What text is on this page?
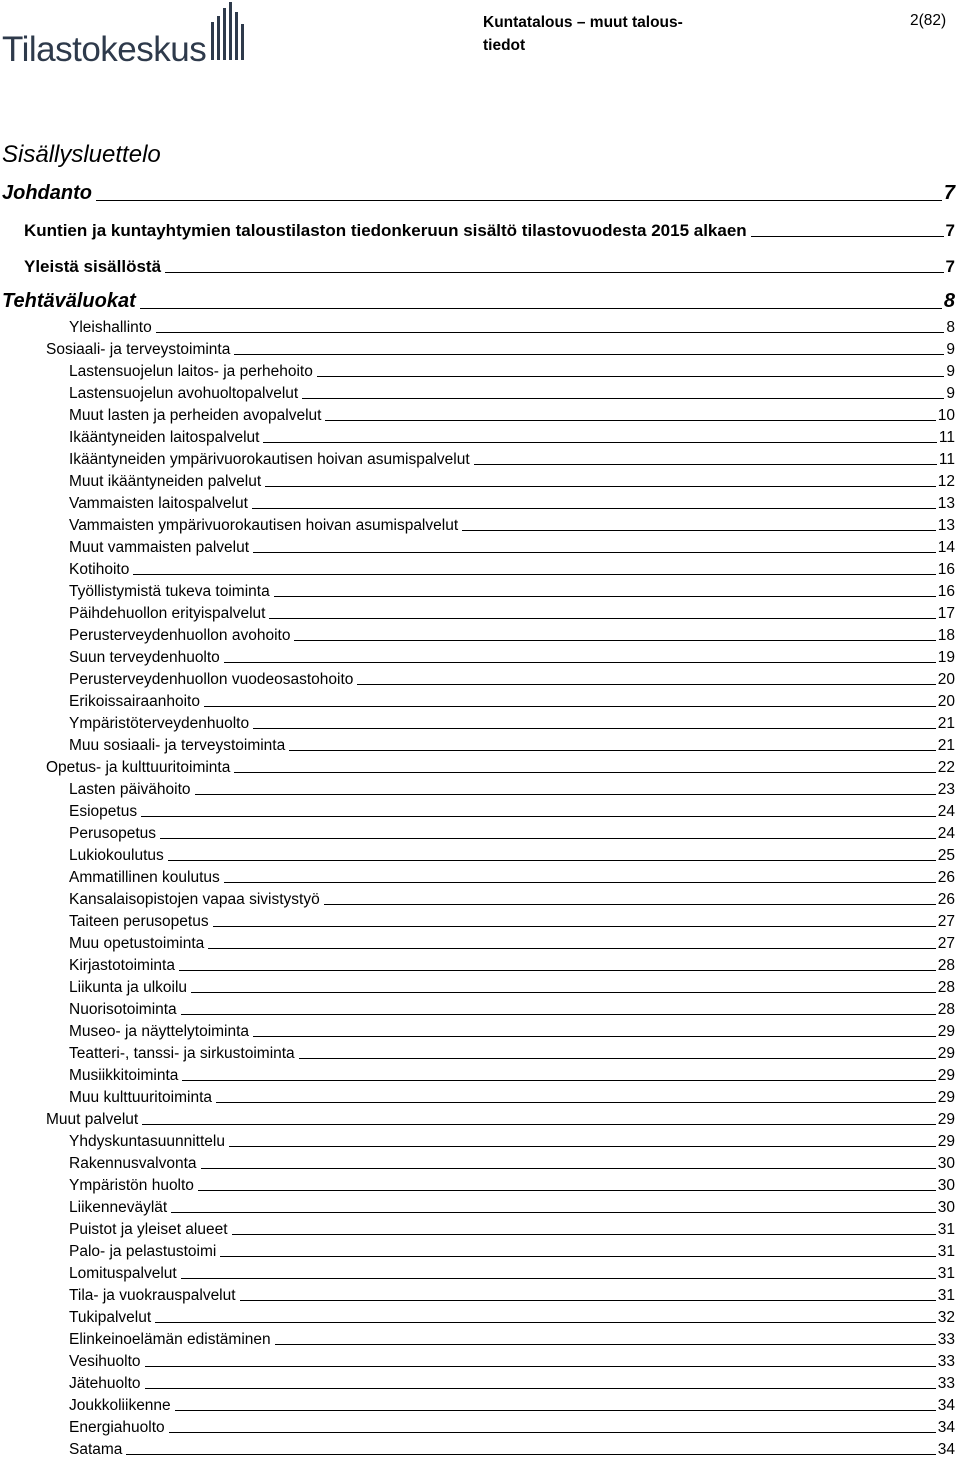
Tilastokeskus
Kuntatalous – muut talous-tiedot
2(82)
Sisällysluettelo
Johdanto	7
Kuntien ja kuntayhtymien taloustilaston tiedonkeruun sisältö tilastovuodesta 2015 alkaen	7
Yleistä sisällöstä	7
Tehtäväluokat	8
Yleishallinto	8
Sosiaali- ja terveystoiminta	9
Lastensuojelun laitos- ja perhehoito	9
Lastensuojelun avohuoltopalvelut	9
Muut lasten ja perheiden avopalvelut	10
Ikääntyneiden laitospalvelut	11
Ikääntyneiden ympärivuorokautisen hoivan asumispalvelut	11
Muut ikääntyneiden palvelut	12
Vammaisten laitospalvelut	13
Vammaisten ympärivuorokautisen hoivan asumispalvelut	13
Muut vammaisten palvelut	14
Kotihoito	16
Työllistymistä tukeva toiminta	16
Päihdehuollon erityispalvelut	17
Perusterveydenhuollon avohoito	18
Suun terveydenhuolto	19
Perusterveydenhuollon vuodeosastohoito	20
Erikoissairaanhoito	20
Ympäristöterveydenhuolto	21
Muu sosiaali- ja terveystoiminta	21
Opetus- ja kulttuuritoiminta	22
Lasten päivähoito	23
Esiopetus	24
Perusopetus	24
Lukiokoulutus	25
Ammatillinen koulutus	26
Kansalaisopistojen vapaa sivistystyö	26
Taiteen perusopetus	27
Muu opetustoiminta	27
Kirjastotoiminta	28
Liikunta ja ulkoilu	28
Nuorisotoiminta	28
Museo- ja näyttelytoiminta	29
Teatteri-, tanssi- ja sirkustoiminta	29
Musiikkitoiminta	29
Muu kulttuuritoiminta	29
Muut palvelut	29
Yhdyskuntasuunnittelu	29
Rakennusvalvonta	30
Ympäristön huolto	30
Liikenneväylät	30
Puistot ja yleiset alueet	31
Palo- ja pelastustoimi	31
Lomituspalvelut	31
Tila- ja vuokrauspalvelut	31
Tukipalvelut	32
Elinkeinoelämän edistäminen	33
Vesihuolto	33
Jätehuolto	33
Joukkoliikenne	34
Energiahuolto	34
Satama	34
